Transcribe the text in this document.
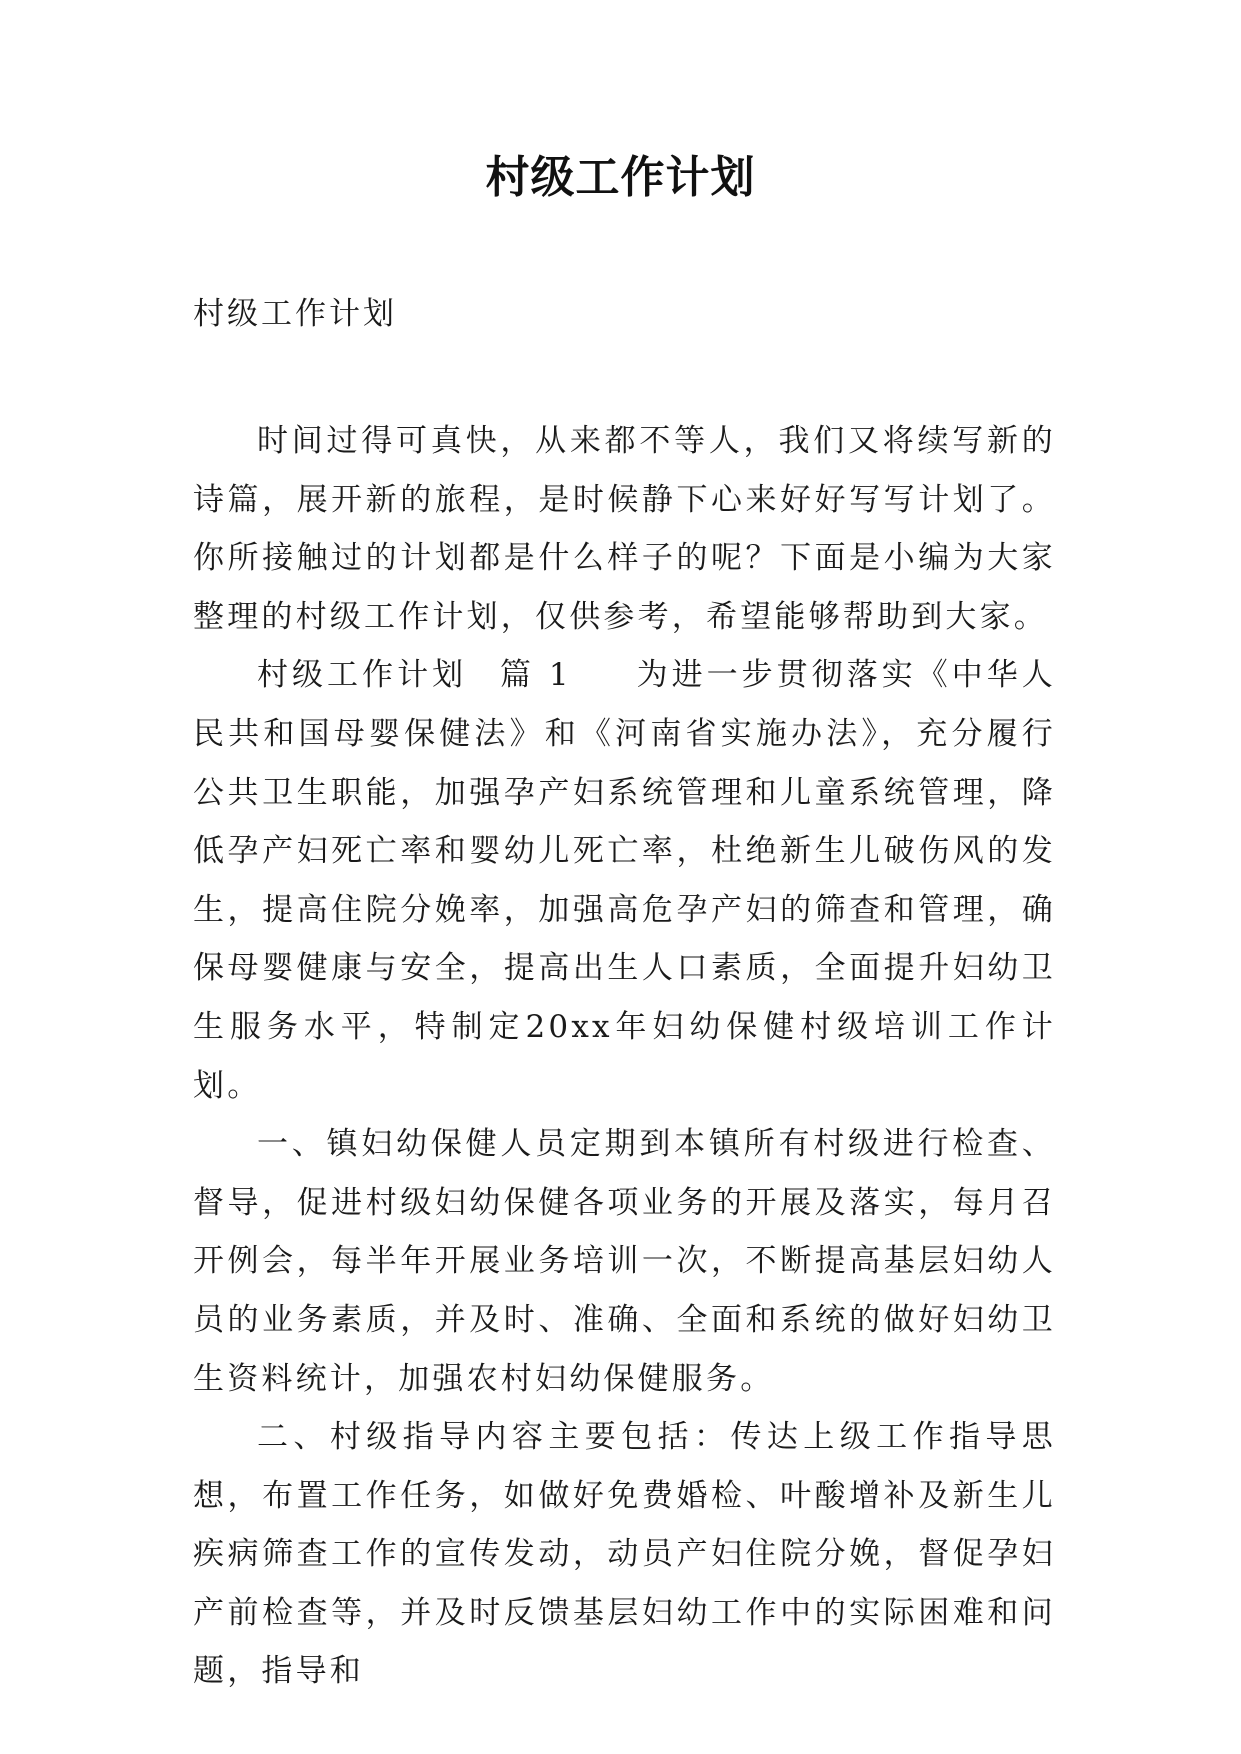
村级工作计划
村级工作计划

时间过得可真快，从来都不等人，我们又将续写新的诗篇，展开新的旅程，是时候静下心来好好写写计划了。你所接触过的计划都是什么样子的呢？下面是小编为大家整理的村级工作计划，仅供参考，希望能够帮助到大家。

村级工作计划 篇 1 为进一步贯彻落实《中华人民共和国母婴保健法》和《河南省实施办法》，充分履行公共卫生职能，加强孕产妇系统管理和儿童系统管理，降低孕产妇死亡率和婴幼儿死亡率，杜绝新生儿破伤风的发生，提高住院分娩率，加强高危孕产妇的筛查和管理，确保母婴健康与安全，提高出生人口素质，全面提升妇幼卫生服务水平，特制定20xx年妇幼保健村级培训工作计划。

一、镇妇幼保健人员定期到本镇所有村级进行检查、督导，促进村级妇幼保健各项业务的开展及落实，每月召开例会，每半年开展业务培训一次，不断提高基层妇幼人员的业务素质，并及时、准确、全面和系统的做好妇幼卫生资料统计，加强农村妇幼保健服务。

二、村级指导内容主要包括：传达上级工作指导思想，布置工作任务，如做好免费婚检、叶酸增补及新生儿疾病筛查工作的宣传发动，动员产妇住院分娩，督促孕妇产前检查等，并及时反馈基层妇幼工作中的实际困难和问题，指导和
